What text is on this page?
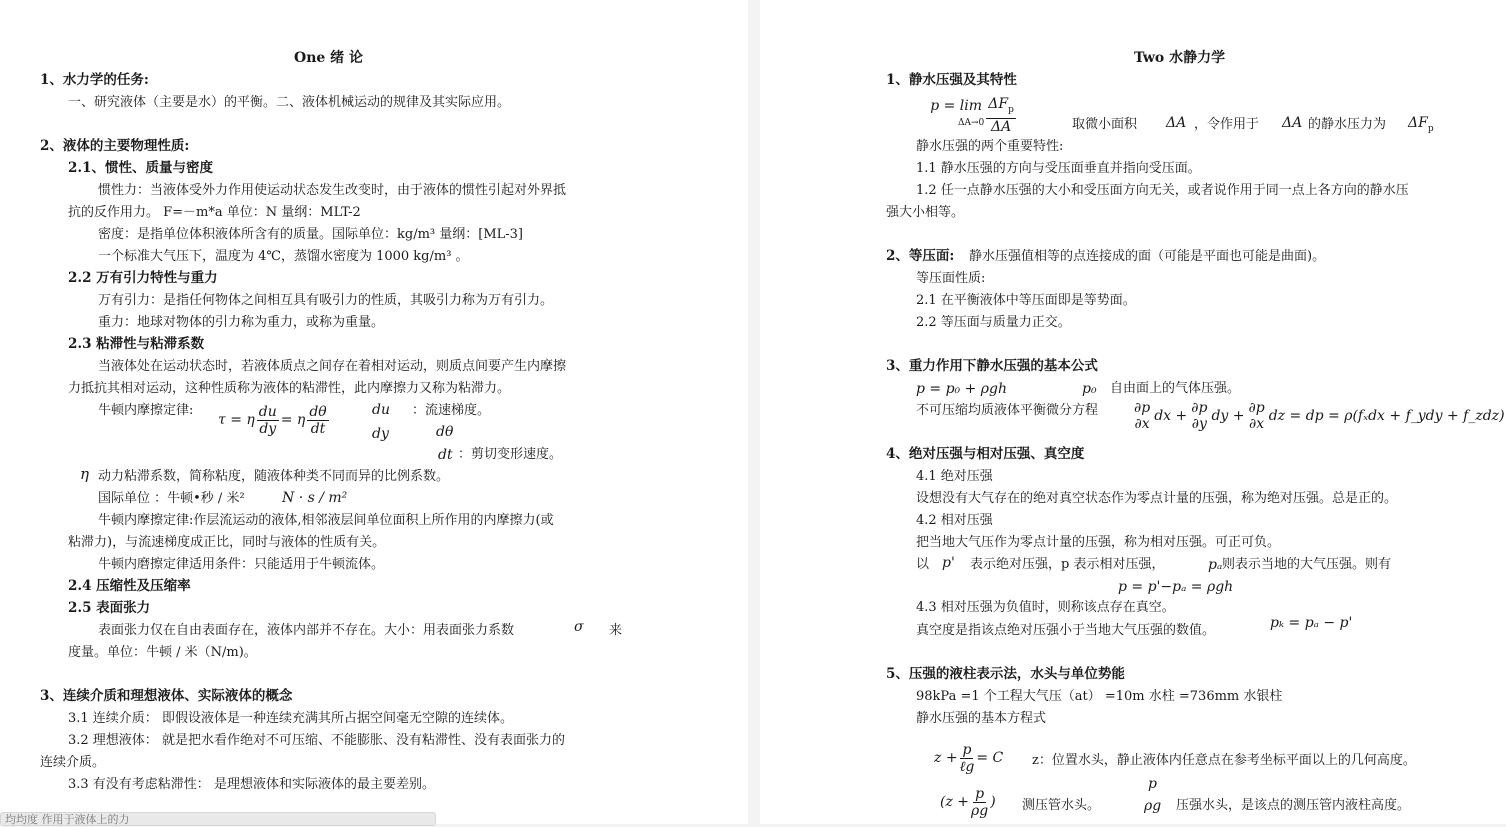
One 绪 论
1、水力学的任务:
一、研究液体（主要是水）的平衡。二、液体机械运动的规律及其实际应用。
2、液体的主要物理性质:
2.1、惯性、质量与密度
惯性力：当液体受外力作用使运动状态发生改变时，由于液体的惯性引起对外界抵
抗的反作用力。 F=－m*a 单位：N 量纲：MLT-2
密度：是指单位体积液体所含有的质量。国际单位：kg/m³ 量纲：[ML-3]
一个标准大气压下，温度为 4℃，蒸馏水密度为 1000 kg/m³ 。
2.2 万有引力特性与重力
万有引力：是指任何物体之间相互具有吸引力的性质，其吸引力称为万有引力。
重力：地球对物体的引力称为重力，或称为重量。
2.3 粘滞性与粘滞系数
当液体处在运动状态时，若液体质点之间存在着相对运动，则质点间要产生内摩擦
力抵抗其相对运动，这种性质称为液体的粘滞性，此内摩擦力又称为粘滞力。
牛顿内摩擦定律:
τ = η $\frac{du}{dy} = \eta \frac{d\theta}{dt}$	du ：流速梯度。
dy	dθ
dt ：剪切变形速度。
η 动力粘滞系数，简称粘度，随液体种类不同而异的比例系数。
国际单位 ：牛顿•秒 / 米²	N · s / m²
牛顿内摩擦定律:作层流运动的液体,相邻液层间单位面积上所作用的内摩擦力(或
粘滞力)，与流速梯度成正比，同时与液体的性质有关。
牛顿内磨擦定律适用条件：只能适用于牛顿流体。
2.4 压缩性及压缩率
2.5 表面张力
表面张力仅在自由表面存在，液体内部并不存在。大小：用表面张力系数	σ 来
度量。单位：牛顿 / 米（N/m)。
3、连续介质和理想液体、实际液体的概念
3.1 连续介质： 即假设液体是一种连续充满其所占据空间毫无空隙的连续体。
3.2 理想液体： 就是把水看作绝对不可压缩、不能膨胀、没有粘滞性、没有表面张力的
连续介质。
3.3 有没有考虑粘滞性： 是理想液体和实际液体的最主要差别。
Two 水静力学
1、静水压强及其特性
p = lim
$\Delta A\to 0 \frac{\Delta F_p}{\Delta A}$	取微小面积 ΔA ，令作用于 ΔA 的静水压力为 $\Delta F_p$
静水压强的两个重要特性:
1.1 静水压强的方向与受压面垂直并指向受压面。
1.2 任一点静水压强的大小和受压面方向无关，或者说作用于同一点上各方向的静水压
强大小相等。
2、等压面: 静水压强值相等的点连接成的面（可能是平面也可能是曲面)。
等压面性质:
2.1 在平衡液体中等压面即是等势面。
2.2 等压面与质量力正交。
3、重力作用下静水压强的基本公式
p = p₀ + ρgh	p₀ 自由面上的气体压强。
不可压缩均质液体平衡微分方程	∂p
∂x
dx + ∂p
∂y
dy + ∂p
∂x
dz = dp = ρ(fₓdx + f_ydy + f_zdz)
4、绝对压强与相对压强、真空度
4.1 绝对压强
设想没有大气存在的绝对真空状态作为零点计量的压强，称为绝对压强。总是正的。
4.2 相对压强
把当地大气压作为零点计量的压强，称为相对压强。可正可负。
以 p' 表示绝对压强，p 表示相对压强，	pₐ 则表示当地的大气压强。则有
p = p'−pₐ = ρgh
4.3 相对压强为负值时，则称该点存在真空。
真空度是指该点绝对压强小于当地大气压强的数值。	pₖ = pₐ − p'
5、压强的液柱表示法，水头与单位势能
98kPa =1 个工程大气压（at） =10m 水柱 =736mm 水银柱
静水压强的基本方程式
$z + \frac{p}{\text{ℓg}} = C$ z：位置水头，静止液体内任意点在参考坐标平面以上的几何高度。
($z + \frac{p}{\rho g}$ ) 测压管水头。
p
ρg 压强水头，是该点的测压管内液柱高度。
均均度 作用于液体上的力
